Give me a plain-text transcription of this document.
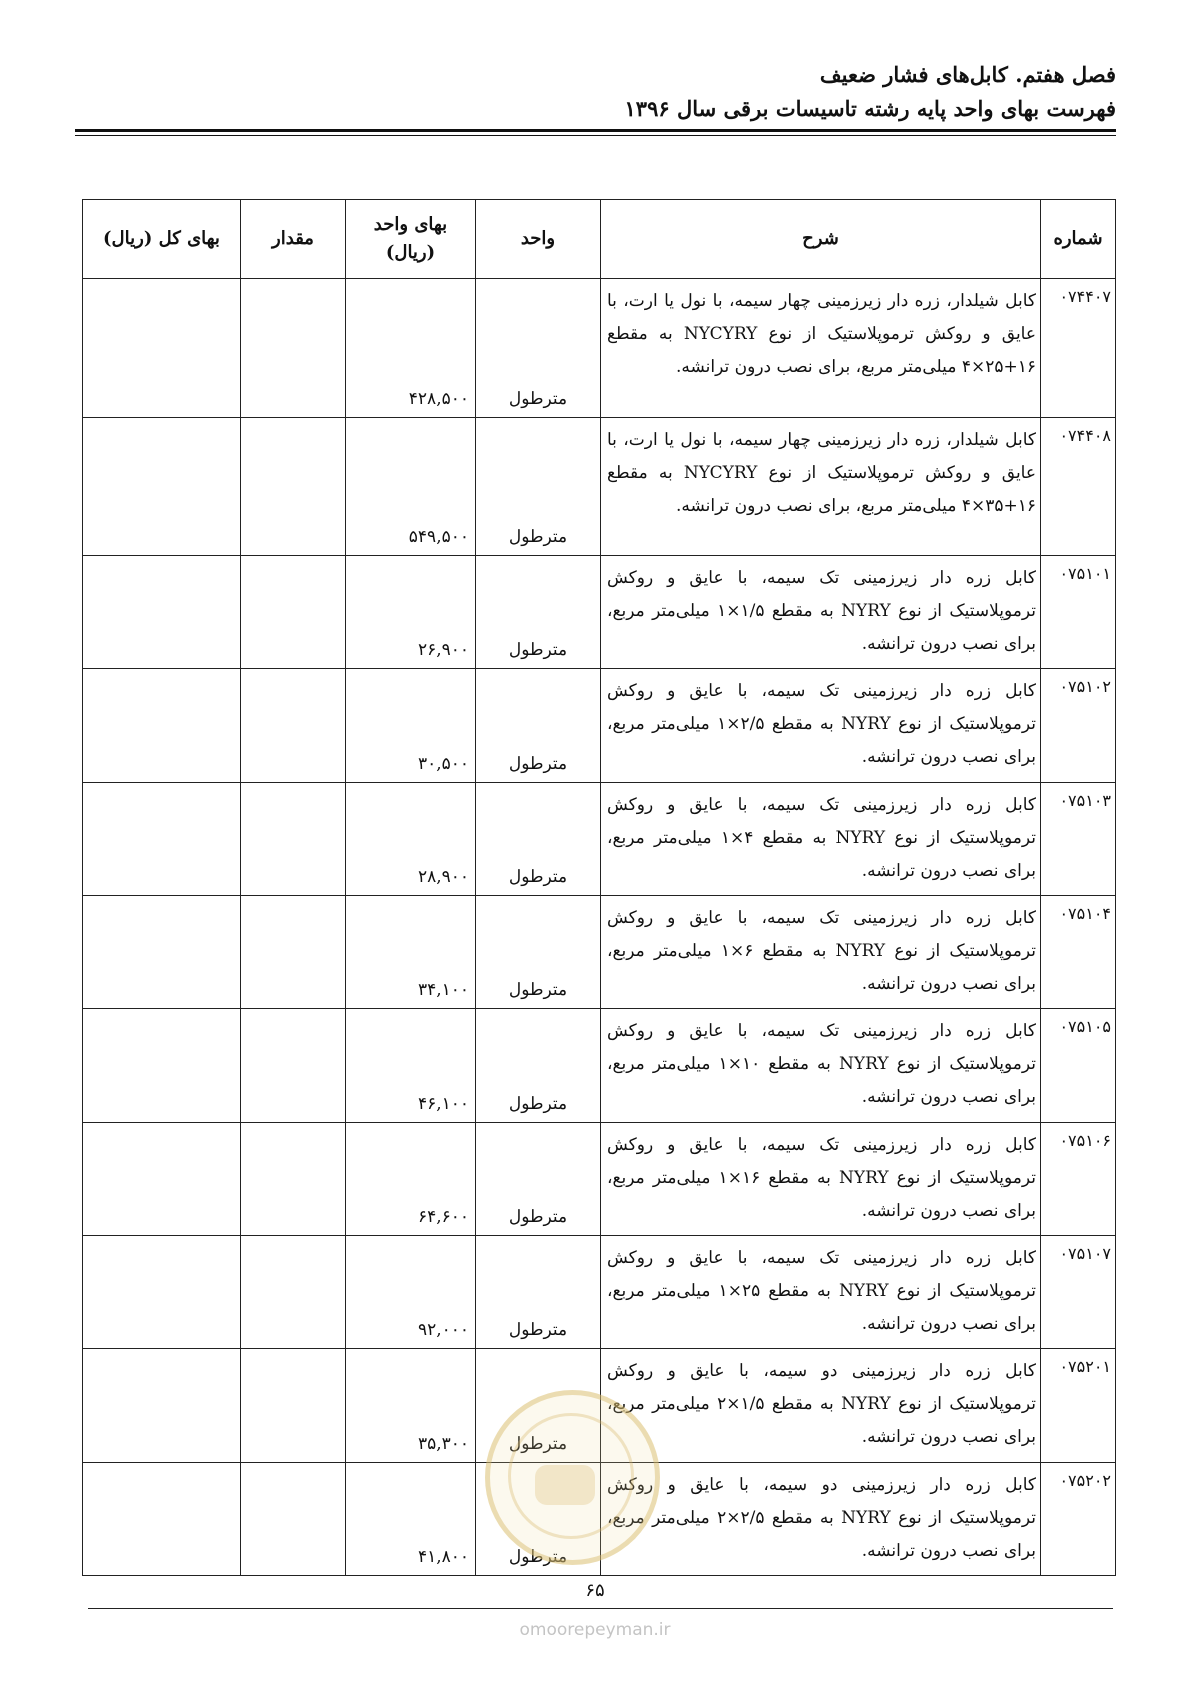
فصل هفتم. کابل‌های فشار ضعیف
فهرست بهای واحد پایه رشته تاسیسات برقی سال ۱۳۹۶
شماره	شرح	واحد	بهای واحد (ریال)	مقدار	بهای کل (ریال)
۰۷۴۴۰۷	کابل شیلدار، زره دار زیرزمینی چهار سیمه، با نول یا ارت، با عایق و روکش ترموپلاستیک از نوع NYCYRY به مقطع ۱۶+۲۵×۴ میلی‌متر مربع، برای نصب درون ترانشه.	مترطول	۴۲۸,۵۰۰		
۰۷۴۴۰۸	کابل شیلدار، زره دار زیرزمینی چهار سیمه، با نول یا ارت، با عایق و روکش ترموپلاستیک از نوع NYCYRY به مقطع ۱۶+۳۵×۴ میلی‌متر مربع، برای نصب درون ترانشه.	مترطول	۵۴۹,۵۰۰		
۰۷۵۱۰۱	کابل زره دار زیرزمینی تک سیمه، با عایق و روکش ترموپلاستیک از نوع NYRY به مقطع ۱/۵×۱ میلی‌متر مربع، برای نصب درون ترانشه.	مترطول	۲۶,۹۰۰		
۰۷۵۱۰۲	کابل زره دار زیرزمینی تک سیمه، با عایق و روکش ترموپلاستیک از نوع NYRY به مقطع ۲/۵×۱ میلی‌متر مربع، برای نصب درون ترانشه.	مترطول	۳۰,۵۰۰		
۰۷۵۱۰۳	کابل زره دار زیرزمینی تک سیمه، با عایق و روکش ترموپلاستیک از نوع NYRY به مقطع ۴×۱ میلی‌متر مربع، برای نصب درون ترانشه.	مترطول	۲۸,۹۰۰		
۰۷۵۱۰۴	کابل زره دار زیرزمینی تک سیمه، با عایق و روکش ترموپلاستیک از نوع NYRY به مقطع ۶×۱ میلی‌متر مربع، برای نصب درون ترانشه.	مترطول	۳۴,۱۰۰		
۰۷۵۱۰۵	کابل زره دار زیرزمینی تک سیمه، با عایق و روکش ترموپلاستیک از نوع NYRY به مقطع ۱۰×۱ میلی‌متر مربع، برای نصب درون ترانشه.	مترطول	۴۶,۱۰۰		
۰۷۵۱۰۶	کابل زره دار زیرزمینی تک سیمه، با عایق و روکش ترموپلاستیک از نوع NYRY به مقطع ۱۶×۱ میلی‌متر مربع، برای نصب درون ترانشه.	مترطول	۶۴,۶۰۰		
۰۷۵۱۰۷	کابل زره دار زیرزمینی تک سیمه، با عایق و روکش ترموپلاستیک از نوع NYRY به مقطع ۲۵×۱ میلی‌متر مربع، برای نصب درون ترانشه.	مترطول	۹۲,۰۰۰		
۰۷۵۲۰۱	کابل زره دار زیرزمینی دو سیمه، با عایق و روکش ترموپلاستیک از نوع NYRY به مقطع ۱/۵×۲ میلی‌متر مربع، برای نصب درون ترانشه.	مترطول	۳۵,۳۰۰		
۰۷۵۲۰۲	کابل زره دار زیرزمینی دو سیمه، با عایق و روکش ترموپلاستیک از نوع NYRY به مقطع ۲/۵×۲ میلی‌متر مربع، برای نصب درون ترانشه.	مترطول	۴۱,۸۰۰		
۶۵
omoorepeyman.ir
